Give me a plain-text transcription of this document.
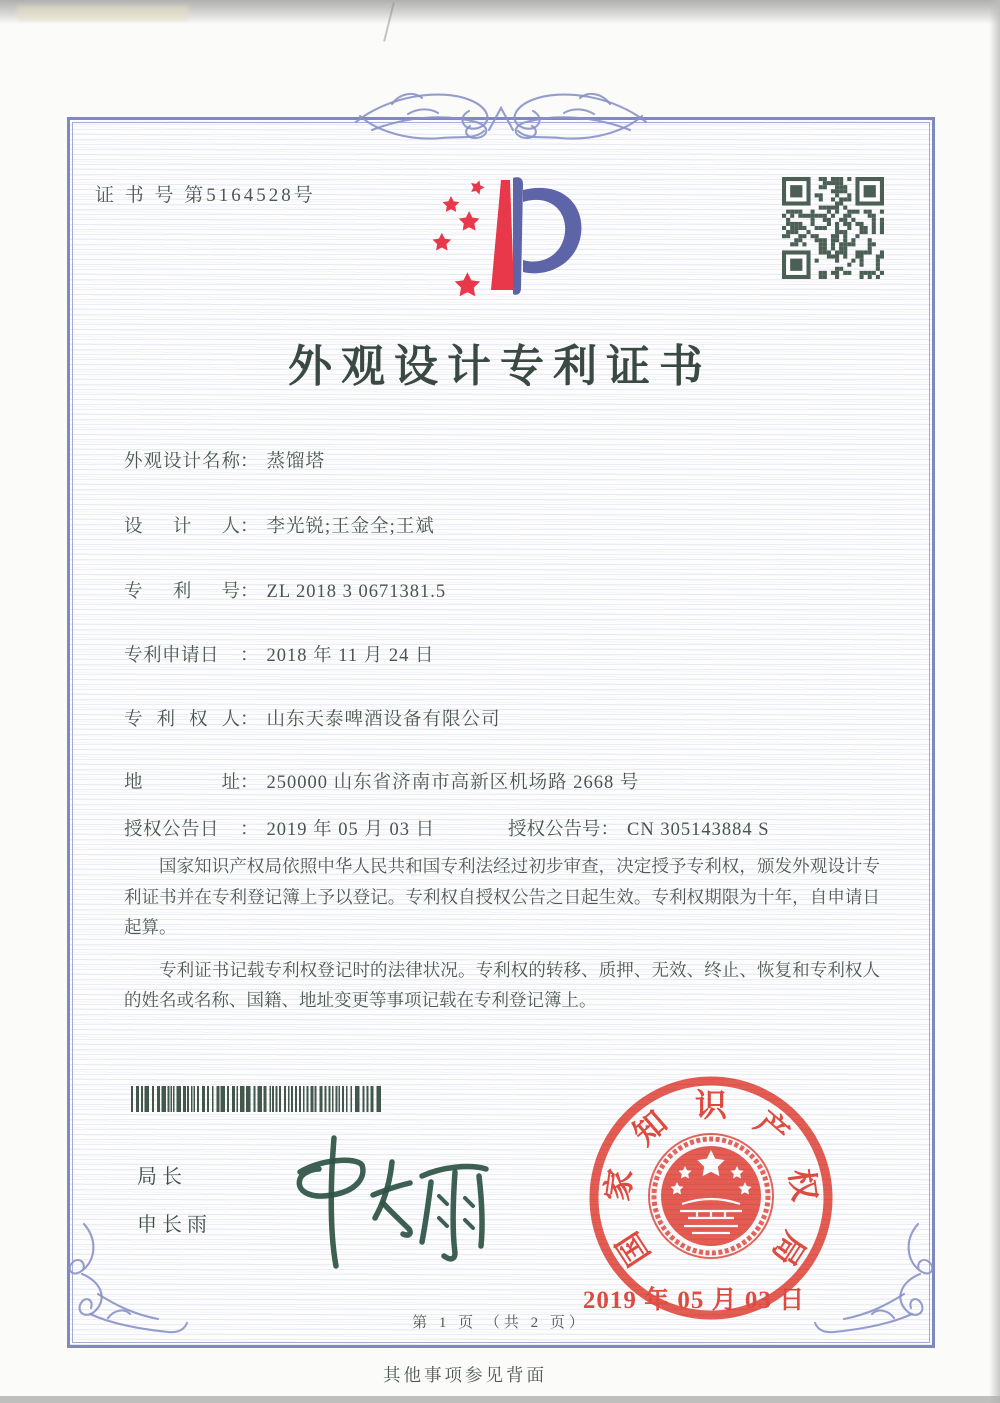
证 书 号 第5164528号
外观设计专利证书
外观设计名称： 蒸馏塔
设计人： 李光锐;王金全;王斌
专利号： ZL 2018 3 0671381.5
专利申请日 ： 2018 年 11 月 24 日
专利权人： 山东天泰啤酒设备有限公司
地址： 250000 山东省济南市高新区机场路 2668 号
授权公告日 ： 2019 年 05 月 03 日	授权公告号： CN 305143884 S

国家知识产权局依照中华人民共和国专利法经过初步审查，决定授予专利权，颁发外观设计专利证书并在专利登记簿上予以登记。专利权自授权公告之日起生效。专利权期限为十年，自申请日起算。

专利证书记载专利权登记时的法律状况。专利权的转移、质押、无效、终止、恢复和专利权人的姓名或名称、国籍、地址变更等事项记载在专利登记簿上。

局长
申长雨
国
家
知 识 产
权
局
2019 年 05 月 03 日
第 1 页 （共 2 页）
其他事项参见背面
